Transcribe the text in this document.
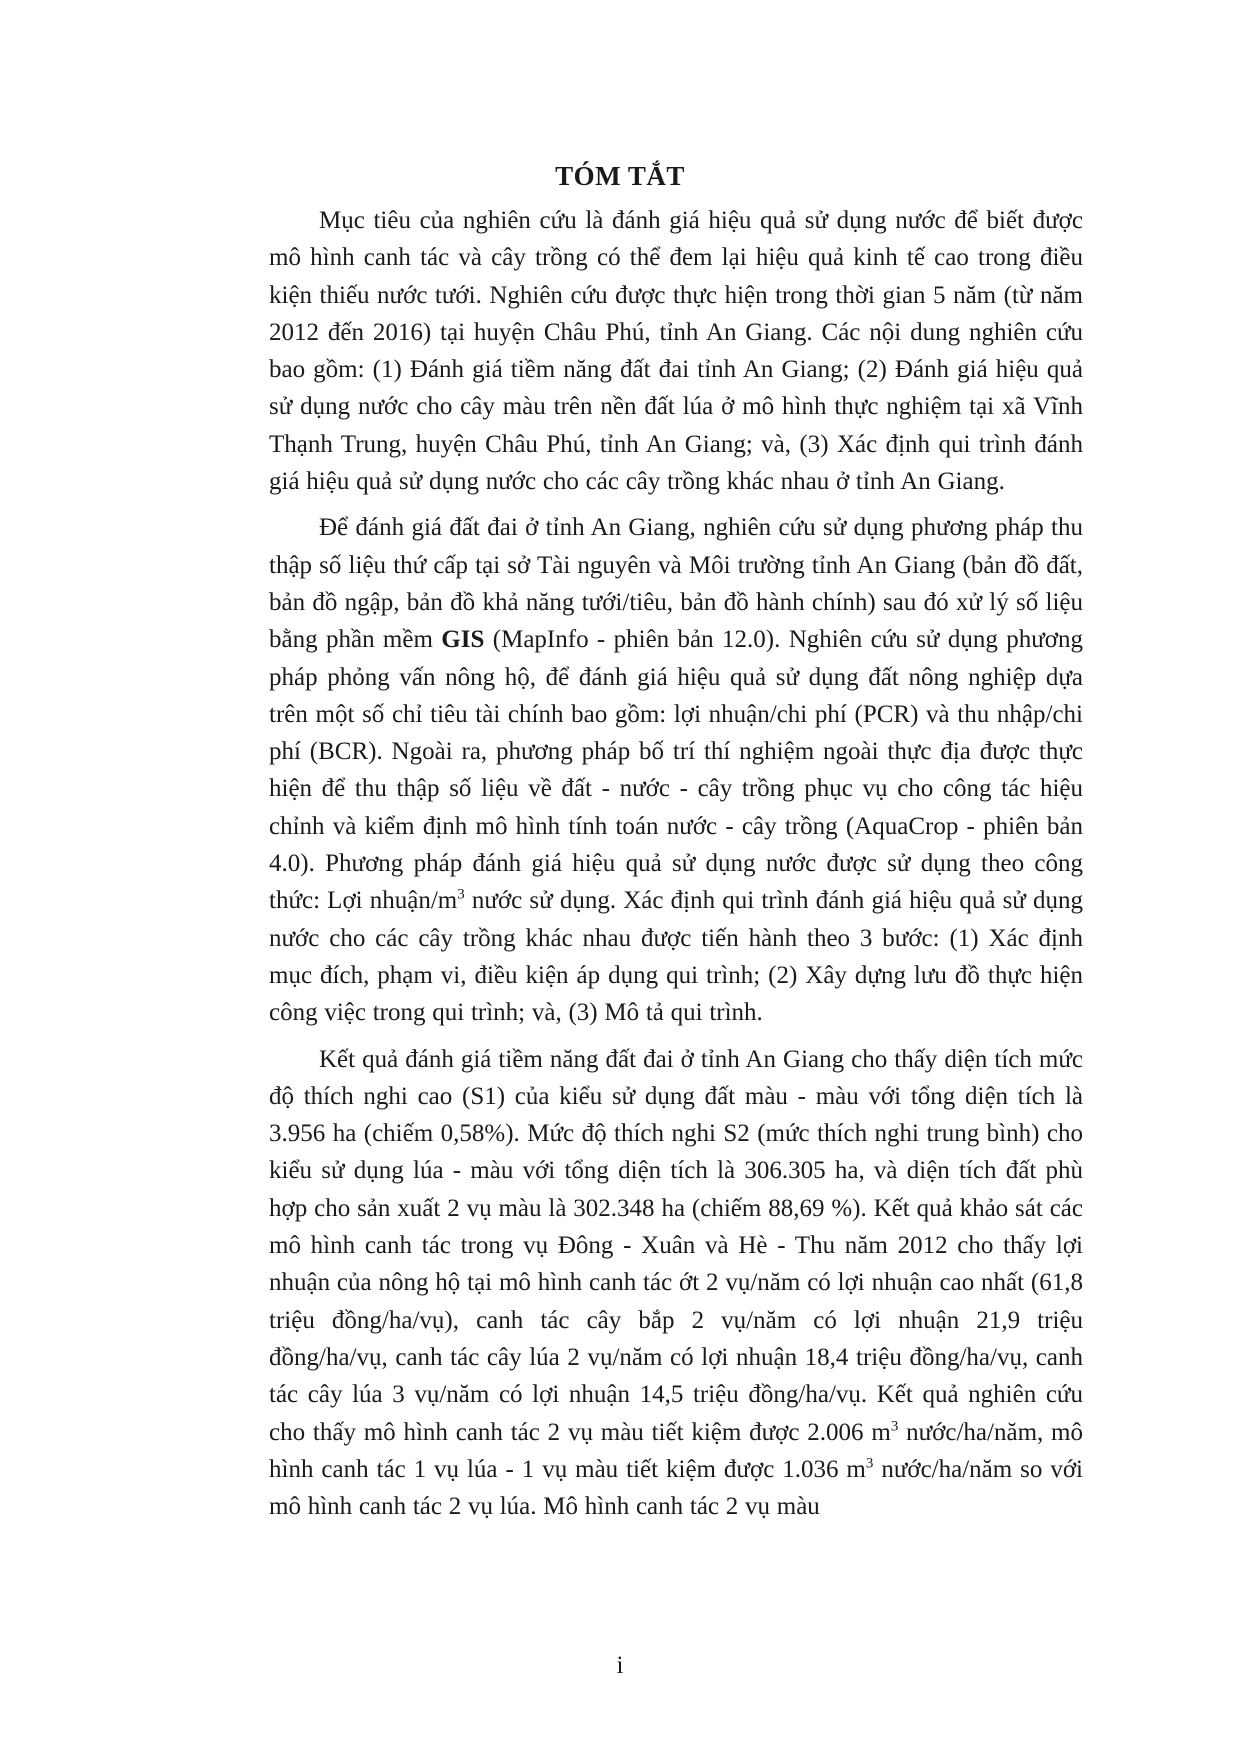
TÓM TẮT

Mục tiêu của nghiên cứu là đánh giá hiệu quả sử dụng nước để biết được mô hình canh tác và cây trồng có thể đem lại hiệu quả kinh tế cao trong điều kiện thiếu nước tưới. Nghiên cứu được thực hiện trong thời gian 5 năm (từ năm 2012 đến 2016) tại huyện Châu Phú, tỉnh An Giang. Các nội dung nghiên cứu bao gồm: (1) Đánh giá tiềm năng đất đai tỉnh An Giang; (2) Đánh giá hiệu quả sử dụng nước cho cây màu trên nền đất lúa ở mô hình thực nghiệm tại xã Vĩnh Thạnh Trung, huyện Châu Phú, tỉnh An Giang; và, (3) Xác định qui trình đánh giá hiệu quả sử dụng nước cho các cây trồng khác nhau ở tỉnh An Giang.

Để đánh giá đất đai ở tỉnh An Giang, nghiên cứu sử dụng phương pháp thu thập số liệu thứ cấp tại sở Tài nguyên và Môi trường tỉnh An Giang (bản đồ đất, bản đồ ngập, bản đồ khả năng tưới/tiêu, bản đồ hành chính) sau đó xử lý số liệu bằng phần mềm GIS (MapInfo - phiên bản 12.0). Nghiên cứu sử dụng phương pháp phỏng vấn nông hộ, để đánh giá hiệu quả sử dụng đất nông nghiệp dựa trên một số chỉ tiêu tài chính bao gồm: lợi nhuận/chi phí (PCR) và thu nhập/chi phí (BCR). Ngoài ra, phương pháp bố trí thí nghiệm ngoài thực địa được thực hiện để thu thập số liệu về đất - nước - cây trồng phục vụ cho công tác hiệu chỉnh và kiểm định mô hình tính toán nước - cây trồng (AquaCrop - phiên bản 4.0). Phương pháp đánh giá hiệu quả sử dụng nước được sử dụng theo công thức: Lợi nhuận/$m^3$ nước sử dụng. Xác định qui trình đánh giá hiệu quả sử dụng nước cho các cây trồng khác nhau được tiến hành theo 3 bước: (1) Xác định mục đích, phạm vi, điều kiện áp dụng qui trình; (2) Xây dựng lưu đồ thực hiện công việc trong qui trình; và, (3) Mô tả qui trình.

Kết quả đánh giá tiềm năng đất đai ở tỉnh An Giang cho thấy diện tích mức độ thích nghi cao (S1) của kiểu sử dụng đất màu - màu với tổng diện tích là 3.956 ha (chiếm 0,58%). Mức độ thích nghi S2 (mức thích nghi trung bình) cho kiểu sử dụng lúa - màu với tổng diện tích là 306.305 ha, và diện tích đất phù hợp cho sản xuất 2 vụ màu là 302.348 ha (chiếm 88,69 %). Kết quả khảo sát các mô hình canh tác trong vụ Đông - Xuân và Hè - Thu năm 2012 cho thấy lợi nhuận của nông hộ tại mô hình canh tác ớt 2 vụ/năm có lợi nhuận cao nhất (61,8 triệu đồng/ha/vụ), canh tác cây bắp 2 vụ/năm có lợi nhuận 21,9 triệu đồng/ha/vụ, canh tác cây lúa 2 vụ/năm có lợi nhuận 18,4 triệu đồng/ha/vụ, canh tác cây lúa 3 vụ/năm có lợi nhuận 14,5 triệu đồng/ha/vụ. Kết quả nghiên cứu cho thấy mô hình canh tác 2 vụ màu tiết kiệm được 2.006 $m^3$ nước/ha/năm, mô hình canh tác 1 vụ lúa - 1 vụ màu tiết kiệm được 1.036 $m^3$ nước/ha/năm so với mô hình canh tác 2 vụ lúa. Mô hình canh tác 2 vụ màu

i
